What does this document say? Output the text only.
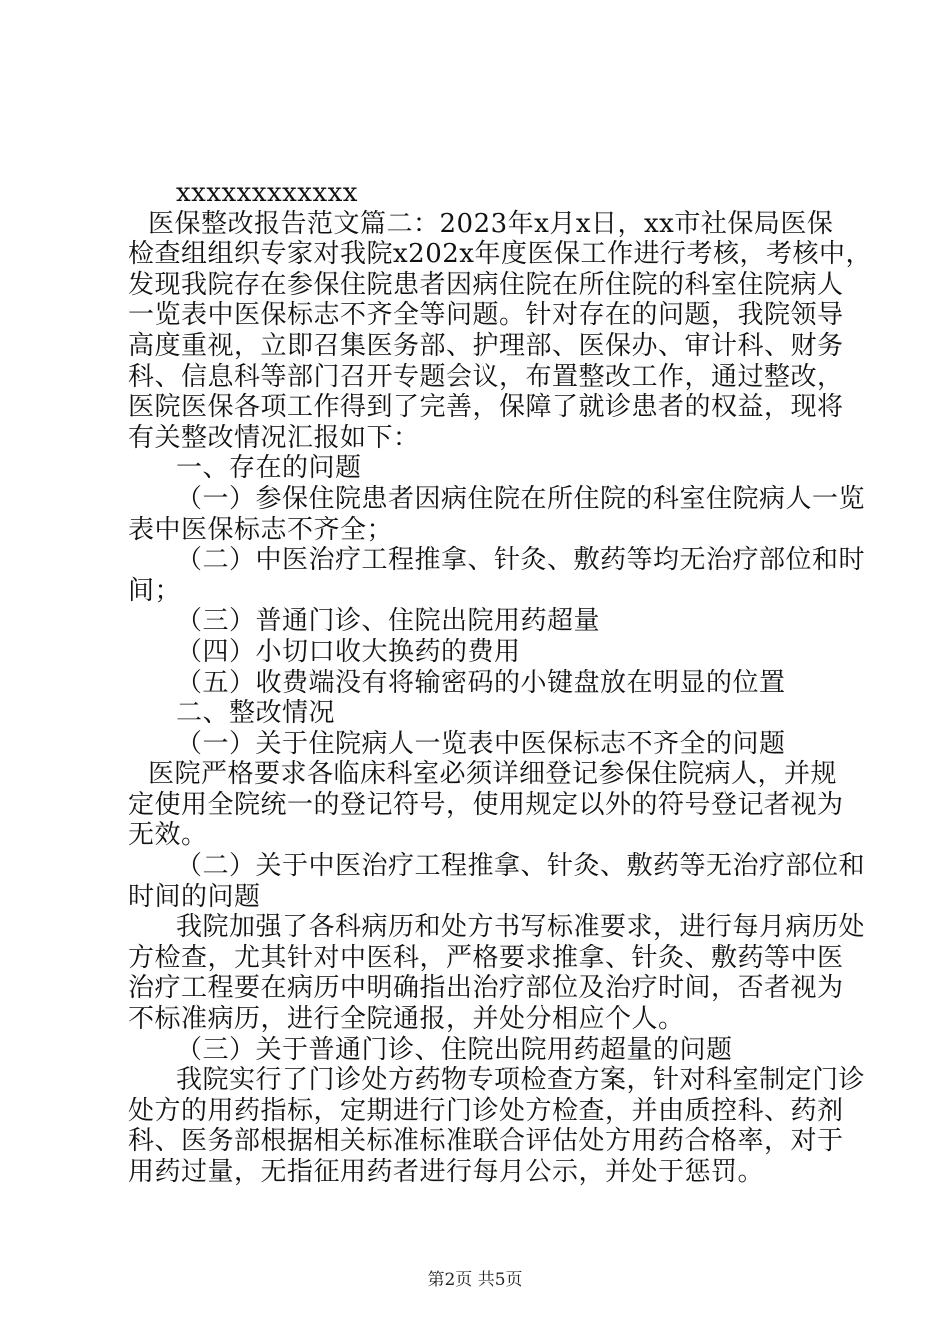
xxxxxxxxxxxx
医保整改报告范文篇二：2023年x月x日，xx市社保局医保
检查组组织专家对我院x202x年度医保工作进行考核，考核中，
发现我院存在参保住院患者因病住院在所住院的科室住院病人
一览表中医保标志不齐全等问题。针对存在的问题，我院领导
高度重视，立即召集医务部、护理部、医保办、审计科、财务
科、信息科等部门召开专题会议，布置整改工作，通过整改，
医院医保各项工作得到了完善，保障了就诊患者的权益，现将
有关整改情况汇报如下：
一、存在的问题
（一）参保住院患者因病住院在所住院的科室住院病人一览
表中医保标志不齐全；
（二）中医治疗工程推拿、针灸、敷药等均无治疗部位和时
间；
（三）普通门诊、住院出院用药超量
（四）小切口收大换药的费用
（五）收费端没有将输密码的小键盘放在明显的位置
二、整改情况
（一）关于住院病人一览表中医保标志不齐全的问题
医院严格要求各临床科室必须详细登记参保住院病人，并规
定使用全院统一的登记符号，使用规定以外的符号登记者视为
无效。
（二）关于中医治疗工程推拿、针灸、敷药等无治疗部位和
时间的问题
我院加强了各科病历和处方书写标准要求，进行每月病历处
方检查，尤其针对中医科，严格要求推拿、针灸、敷药等中医
治疗工程要在病历中明确指出治疗部位及治疗时间，否者视为
不标准病历，进行全院通报，并处分相应个人。
（三）关于普通门诊、住院出院用药超量的问题
我院实行了门诊处方药物专项检查方案，针对科室制定门诊
处方的用药指标，定期进行门诊处方检查，并由质控科、药剂
科、医务部根据相关标准标准联合评估处方用药合格率，对于
用药过量，无指征用药者进行每月公示，并处于惩罚。
第2页 共5页
